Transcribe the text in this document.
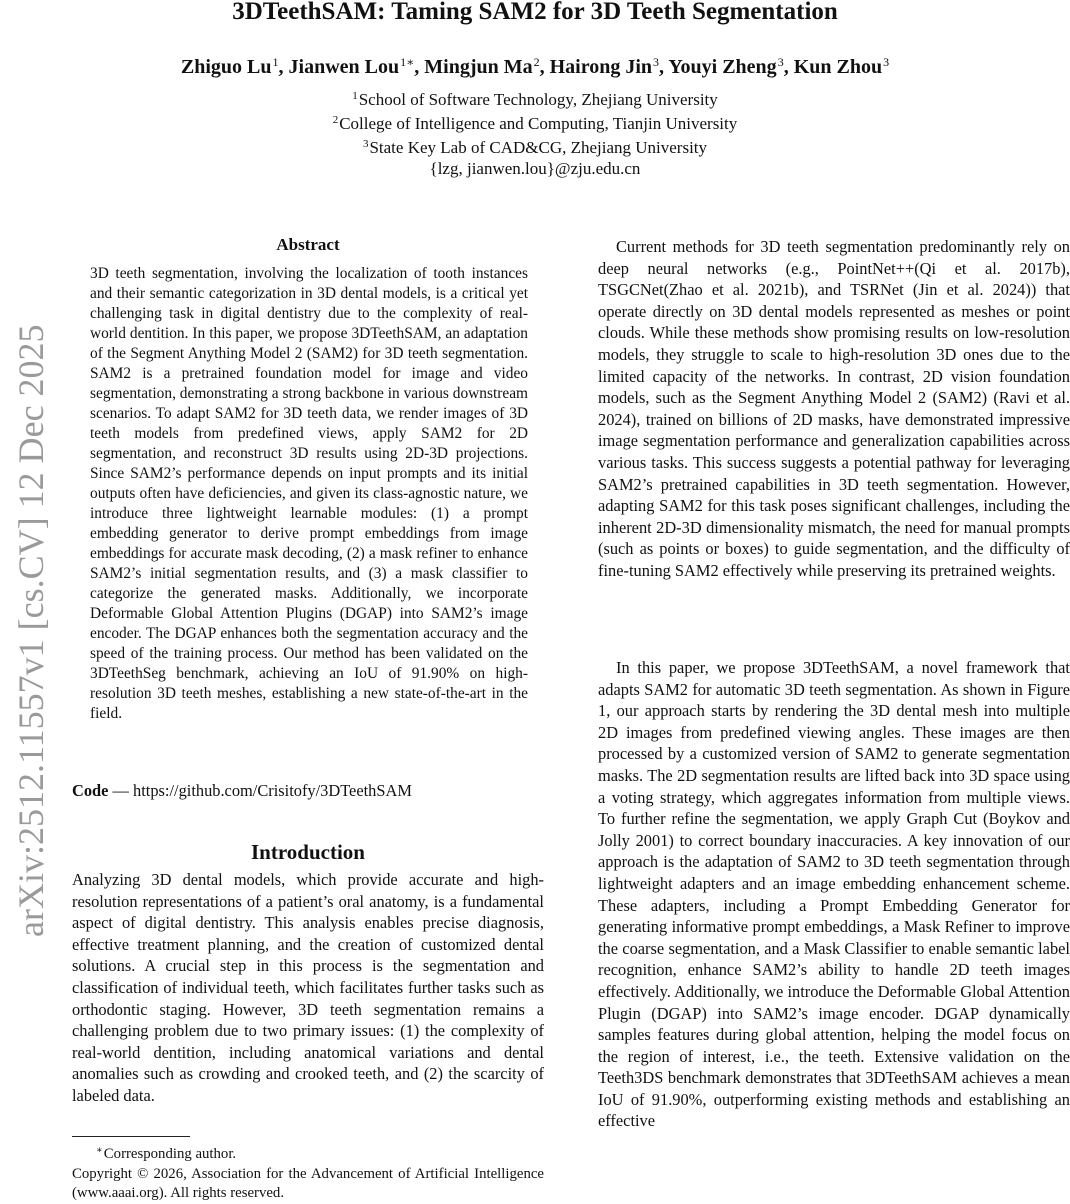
3DTeethSAM: Taming SAM2 for 3D Teeth Segmentation
Zhiguo Lu$^1$, Jianwen Lou$^{1∗}$, Mingjun Ma$^2$, Hairong Jin$^3$, Youyi Zheng$^3$, Kun Zhou$^3$
$^1$School of Software Technology, Zhejiang University
$^2$College of Intelligence and Computing, Tianjin University
$^3$State Key Lab of CAD&CG, Zhejiang University
{lzg, jianwen.lou}@zju.edu.cn
arXiv:2512.11557v1 [cs.CV] 12 Dec 2025
Abstract

3D teeth segmentation, involving the localization of tooth instances and their semantic categorization in 3D dental models, is a critical yet challenging task in digital dentistry due to the complexity of real-world dentition. In this paper, we propose 3DTeethSAM, an adaptation of the Segment Anything Model 2 (SAM2) for 3D teeth segmentation. SAM2 is a pretrained foundation model for image and video segmentation, demonstrating a strong backbone in various downstream scenarios. To adapt SAM2 for 3D teeth data, we render images of 3D teeth models from predefined views, apply SAM2 for 2D segmentation, and reconstruct 3D results using 2D-3D projections. Since SAM2’s performance depends on input prompts and its initial outputs often have deficiencies, and given its class-agnostic nature, we introduce three lightweight learnable modules: (1) a prompt embedding generator to derive prompt embeddings from image embeddings for accurate mask decoding, (2) a mask refiner to enhance SAM2’s initial segmentation results, and (3) a mask classifier to categorize the generated masks. Additionally, we incorporate Deformable Global Attention Plugins (DGAP) into SAM2’s image encoder. The DGAP enhances both the segmentation accuracy and the speed of the training process. Our method has been validated on the 3DTeethSeg benchmark, achieving an IoU of 91.90% on high-resolution 3D teeth meshes, establishing a new state-of-the-art in the field.

Code — https://github.com/Crisitofy/3DTeethSAM
Introduction

Analyzing 3D dental models, which provide accurate and high-resolution representations of a patient’s oral anatomy, is a fundamental aspect of digital dentistry. This analysis enables precise diagnosis, effective treatment planning, and the creation of customized dental solutions. A crucial step in this process is the segmentation and classification of individual teeth, which facilitates further tasks such as orthodontic staging. However, 3D teeth segmentation remains a challenging problem due to two primary issues: (1) the complexity of real-world dentition, including anatomical variations and dental anomalies such as crowding and crooked teeth, and (2) the scarcity of labeled data.

∗Corresponding author.
Copyright © 2026, Association for the Advancement of Artificial Intelligence (www.aaai.org). All rights reserved.

Current methods for 3D teeth segmentation predominantly rely on deep neural networks (e.g., PointNet++(Qi et al. 2017b), TSGCNet(Zhao et al. 2021b), and TSRNet (Jin et al. 2024)) that operate directly on 3D dental models represented as meshes or point clouds. While these methods show promising results on low-resolution models, they struggle to scale to high-resolution 3D ones due to the limited capacity of the networks. In contrast, 2D vision foundation models, such as the Segment Anything Model 2 (SAM2) (Ravi et al. 2024), trained on billions of 2D masks, have demonstrated impressive image segmentation performance and generalization capabilities across various tasks. This success suggests a potential pathway for leveraging SAM2’s pretrained capabilities in 3D teeth segmentation. However, adapting SAM2 for this task poses significant challenges, including the inherent 2D-3D dimensionality mismatch, the need for manual prompts (such as points or boxes) to guide segmentation, and the difficulty of fine-tuning SAM2 effectively while preserving its pretrained weights.

In this paper, we propose 3DTeethSAM, a novel framework that adapts SAM2 for automatic 3D teeth segmentation. As shown in Figure 1, our approach starts by rendering the 3D dental mesh into multiple 2D images from predefined viewing angles. These images are then processed by a customized version of SAM2 to generate segmentation masks. The 2D segmentation results are lifted back into 3D space using a voting strategy, which aggregates information from multiple views. To further refine the segmentation, we apply Graph Cut (Boykov and Jolly 2001) to correct boundary inaccuracies. A key innovation of our approach is the adaptation of SAM2 to 3D teeth segmentation through lightweight adapters and an image embedding enhancement scheme. These adapters, including a Prompt Embedding Generator for generating informative prompt embeddings, a Mask Refiner to improve the coarse segmentation, and a Mask Classifier to enable semantic label recognition, enhance SAM2’s ability to handle 2D teeth images effectively. Additionally, we introduce the Deformable Global Attention Plugin (DGAP) into SAM2’s image encoder. DGAP dynamically samples features during global attention, helping the model focus on the region of interest, i.e., the teeth. Extensive validation on the Teeth3DS benchmark demonstrates that 3DTeethSAM achieves a mean IoU of 91.90%, outperforming existing methods and establishing an effective
